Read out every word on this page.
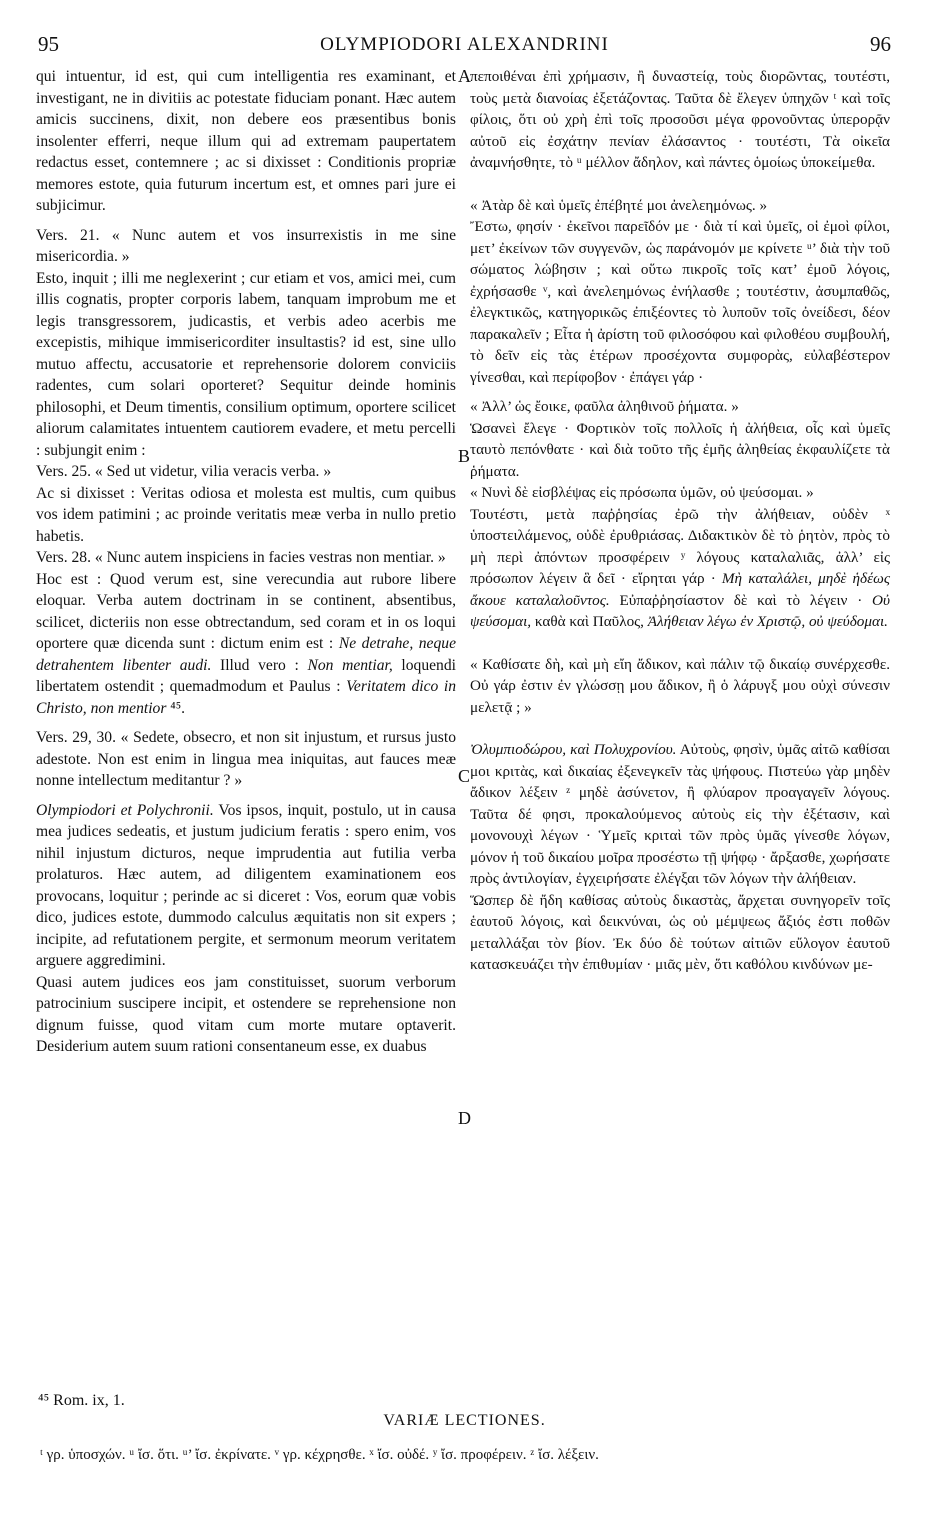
95	OLYMPIODORI ALEXANDRINI	96

qui intuentur, id est, qui cum intelligentia res examinant, et investigant, ne in divitiis ac potestate fiduciam ponant. Hæc autem amicis succinens, dixit, non debere eos præsentibus bonis insolenter efferri, neque illum qui ad extremam paupertatem redactus esset, contemnere ; ac si dixisset : Conditionis propriæ memores estote, quia futurum incertum est, et omnes pari jure ei subjicimur.

Vers. 21. « Nunc autem et vos insurrexistis in me sine misericordia. »

Esto, inquit ; illi me neglexerint ; cur etiam et vos, amici mei, cum illis cognatis, propter corporis labem, tanquam improbum me et legis transgressorem, judicastis, et verbis adeo acerbis me excepistis, mihique immisericorditer insultastis? id est, sine ullo mutuo affectu, accusatorie et reprehensorie dolorem conviciis radentes, cum solari oporteret? Sequitur deinde hominis philosophi, et Deum timentis, consilium optimum, oportere scilicet aliorum calamitates intuentem cautiorem evadere, et metu percelli : subjungit enim :

Vers. 25. « Sed ut videtur, vilia veracis verba. »

Ac si dixisset : Veritas odiosa et molesta est multis, cum quibus vos idem patimini ; ac proinde veritatis meæ verba in nullo pretio habetis.

Vers. 28. « Nunc autem inspiciens in facies vestras non mentiar. »

Hoc est : Quod verum est, sine verecundia aut rubore libere eloquar. Verba autem doctrinam in se continent, absentibus, scilicet, dicteriis non esse obtrectandum, sed coram et in os loqui oportere quæ dicenda sunt : dictum enim est : Ne detrahe, neque detrahentem libenter audi. Illud vero : Non mentiar, loquendi libertatem ostendit ; quemadmodum et Paulus : Veritatem dico in Christo, non mentior ⁴⁵.

Vers. 29, 30. « Sedete, obsecro, et non sit injustum, et rursus justo adestote. Non est enim in lingua mea iniquitas, aut fauces meæ nonne intellectum meditantur ? »

Olympiodori et Polychronii. Vos ipsos, inquit, postulo, ut in causa mea judices sedeatis, et justum judicium feratis : spero enim, vos nihil injustum dicturos, neque imprudentia aut futilia verba prolaturos. Hæc autem, ad diligentem examinationem eos provocans, loquitur ; perinde ac si diceret : Vos, eorum quæ vobis dico, judices estote, dummodo calculus æquitatis non sit expers ; incipite, ad refutationem pergite, et sermonum meorum veritatem arguere aggredimini.

Quasi autem judices eos jam constituisset, suorum verborum patrocinium suscipere incipit, et ostendere se reprehensione non dignum fuisse, quod vitam cum morte mutare optaverit. Desiderium autem suum rationi consentaneum esse, ex duabus

πεποιθέναι ἐπὶ χρήμασιν, ἢ δυναστείᾳ, τοὺς διορῶντας, τουτέστι, τοὺς μετὰ διανοίας ἐξετάζοντας. Ταῦτα δὲ ἔλεγεν ὑπηχῶν ᵗ καὶ τοῖς φίλοις, ὅτι οὐ χρὴ ἐπὶ τοῖς προσοῦσι μέγα φρονοῦντας ὑπερορᾷν αὐτοῦ εἰς ἐσχάτην πενίαν ἐλάσαντος · τουτέστι, Τὰ οἰκεῖα ἀναμνήσθητε, τὸ ᵘ μέλλον ἄδηλον, καὶ πάντες ὁμοίως ὑποκείμεθα.

« Ἀτὰρ δὲ καὶ ὑμεῖς ἐπέβητέ μοι ἀνελεημόνως. »

Ἔστω, φησίν · ἐκεῖνοι παρεῖδόν με · διὰ τί καὶ ὑμεῖς, οἱ ἐμοὶ φίλοι, μετ’ ἐκείνων τῶν συγγενῶν, ὡς παράνομόν με κρίνετε ᵘ’ διὰ τὴν τοῦ σώματος λώβησιν ; καὶ οὕτω πικροῖς τοῖς κατ’ ἐμοῦ λόγοις, ἐχρήσασθε ᵛ, καὶ ἀνελεημόνως ἐνήλασθε ; τουτέστιν, ἀσυμπαθῶς, ἐλεγκτικῶς, κατηγορικῶς ἐπιξέοντες τὸ λυποῦν τοῖς ὀνείδεσι, δέον παρακαλεῖν ; Εἶτα ἡ ἀρίστη τοῦ φιλοσόφου καὶ φιλοθέου συμβουλή, τὸ δεῖν εἰς τὰς ἑτέρων προσέχοντα συμφορὰς, εὐλαβέστερον γίνεσθαι, καὶ περίφοβον · ἐπάγει γάρ ·

« Ἀλλ’ ὡς ἔοικε, φαῦλα ἀληθινοῦ ῥήματα. »

Ὡσανεὶ ἔλεγε · Φορτικὸν τοῖς πολλοῖς ἡ ἀλήθεια, οἷς καὶ ὑμεῖς ταυτὸ πεπόνθατε · καὶ διὰ τοῦτο τῆς ἐμῆς ἀληθείας ἐκφαυλίζετε τὰ ῥήματα.

« Νυνὶ δὲ εἰσβλέψας εἰς πρόσωπα ὑμῶν, οὐ ψεύσομαι. »

Τουτέστι, μετὰ παῤῥησίας ἐρῶ τὴν ἀλήθειαν, οὐδὲν ˣ ὑποστειλάμενος, οὐδὲ ἐρυθριάσας. Διδακτικὸν δὲ τὸ ῥητὸν, πρὸς τὸ μὴ περὶ ἀπόντων προσφέρειν ʸ λόγους καταλαλιᾶς, ἀλλ’ εἰς πρόσωπον λέγειν ἃ δεῖ · εἴρηται γάρ · Μὴ καταλάλει, μηδὲ ἡδέως ἄκουε καταλαλοῦντος. Εὐπαῤῥησίαστον δὲ καὶ τὸ λέγειν · Οὐ ψεύσομαι, καθὰ καὶ Παῦλος, Ἀλήθειαν λέγω ἐν Χριστῷ, οὐ ψεύδομαι.

« Καθίσατε δὴ, καὶ μὴ εἴη ἄδικον, καὶ πάλιν τῷ δικαίῳ συνέρχεσθε. Οὐ γάρ ἐστιν ἐν γλώσσῃ μου ἄδικον, ἢ ὁ λάρυγξ μου οὐχὶ σύνεσιν μελετᾷ ; »

Ὀλυμπιοδώρου, καὶ Πολυχρονίου. Αὐτοὺς, φησὶν, ὑμᾶς αἰτῶ καθίσαι μοι κριτὰς, καὶ δικαίας ἐξενεγκεῖν τὰς ψήφους. Πιστεύω γὰρ μηδὲν ἄδικον λέξειν ᶻ μηδὲ ἀσύνετον, ἢ φλύαρον προαγαγεῖν λόγους. Ταῦτα δέ φησι, προκαλούμενος αὐτοὺς εἰς τὴν ἐξέτασιν, καὶ μονονουχὶ λέγων · Ὑμεῖς κριταὶ τῶν πρὸς ὑμᾶς γίνεσθε λόγων, μόνον ἡ τοῦ δικαίου μοῖρα προσέστω τῇ ψήφῳ · ἄρξασθε, χωρήσατε πρὸς ἀντιλογίαν, ἐγχειρήσατε ἐλέγξαι τῶν λόγων τὴν ἀλήθειαν.

Ὥσπερ δὲ ἤδη καθίσας αὐτοὺς δικαστὰς, ἄρχεται συνηγορεῖν τοῖς ἑαυτοῦ λόγοις, καὶ δεικνύναι, ὡς οὐ μέμψεως ἄξιός ἐστι ποθῶν μεταλλάξαι τὸν βίον. Ἐκ δύο δὲ τούτων αἰτιῶν εὔλογον ἑαυτοῦ κατασκευάζει τὴν ἐπιθυμίαν · μιᾶς μὲν, ὅτι καθόλου κινδύνων με-

A
B
C
D
⁴⁵ Rom. ix, 1.
VARIÆ LECTIONES.
ᵗ γρ. ὑποσχών. ᵘ ἴσ. ὅτι. ᵘ’ ἴσ. ἐκρίνατε. ᵛ γρ. κέχρησθε. ˣ ἴσ. οὐδέ. ʸ ἴσ. προφέρειν. ᶻ ἴσ. λέξειν.
